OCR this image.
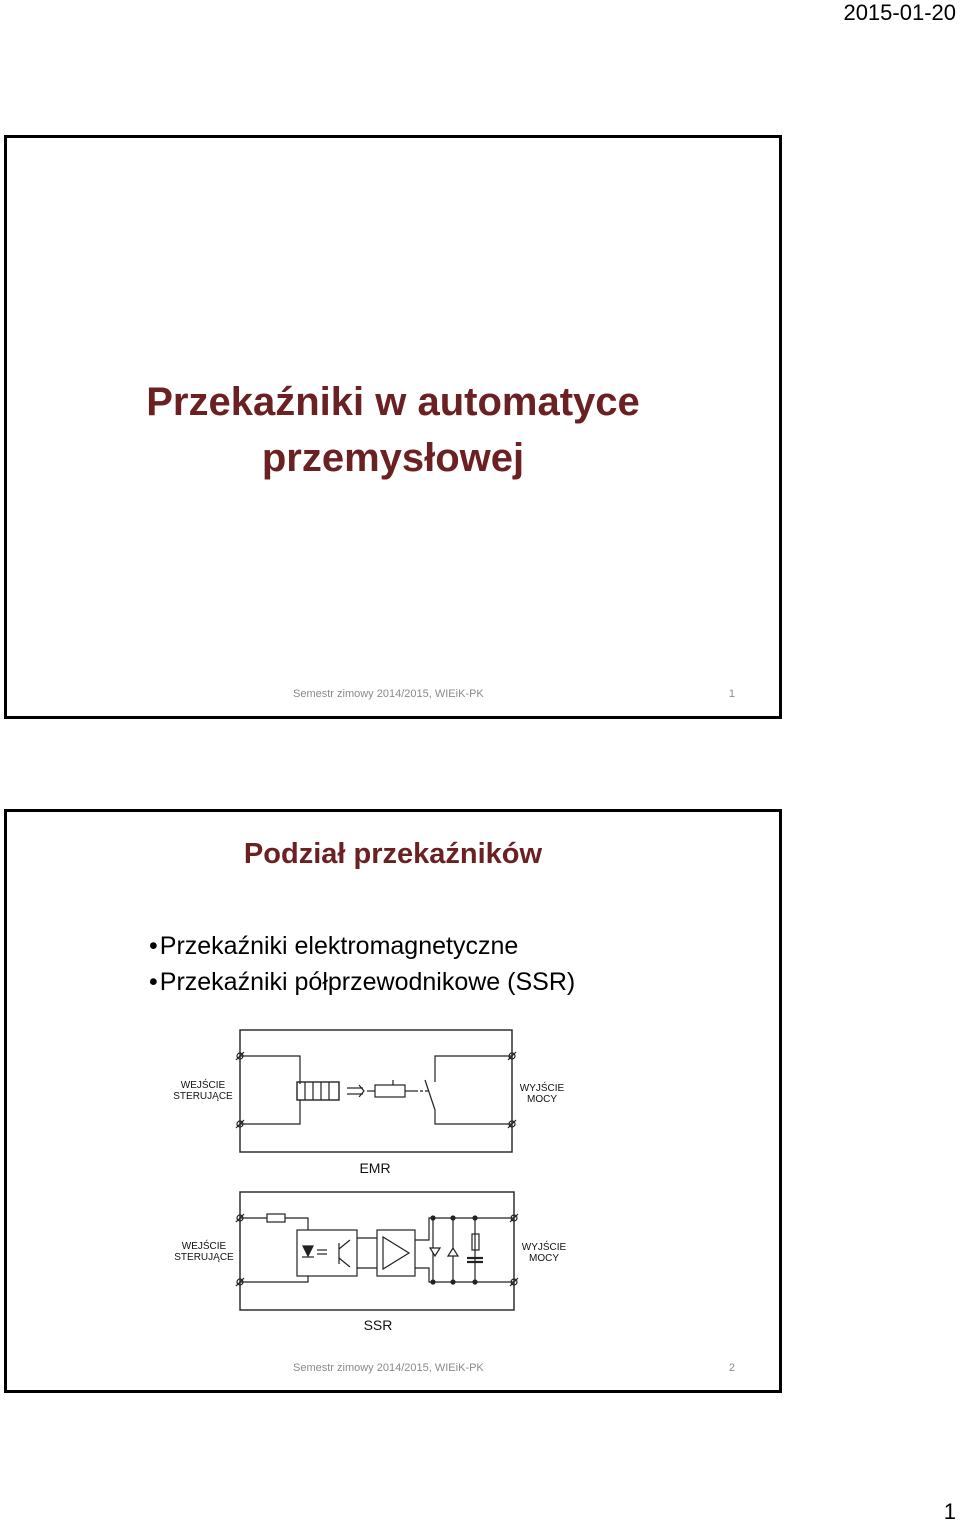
2015-01-20
Przekaźniki w automatyce
przemysłowej
Semestr zimowy 2014/2015, WIEiK-PK	1
Podział przekaźników
• Przekaźniki elektromagnetyczne
• Przekaźniki półprzewodnikowe (SSR)
WEJŚCIE
STERUJĄCE
WYJŚCIE
MOCY
EMR
WEJŚCIE
STERUJĄCE
WYJŚCIE
MOCY
SSR
Semestr zimowy 2014/2015, WIEiK-PK	2
1
